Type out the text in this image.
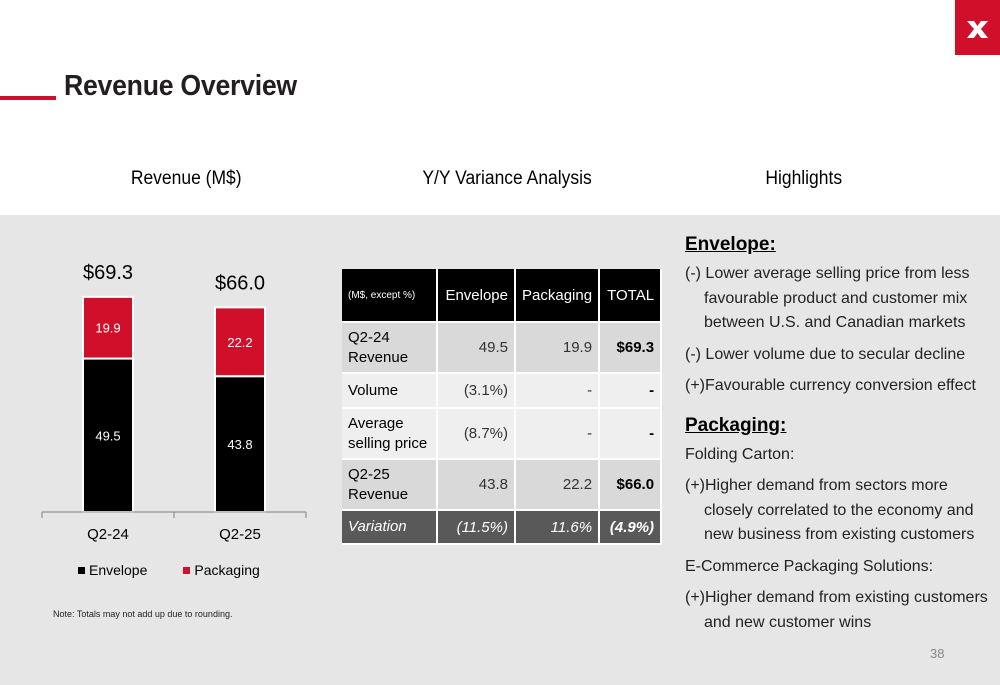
Revenue Overview
Revenue (M$)	Y/Y Variance Analysis	Highlights
49.5
19.9
$69.3
Q2-24
43.8
22.2
$66.0
Q2-25
Envelope	Packaging
Note: Totals may not add up due to rounding.
(M$, except %)	Envelope	Packaging	TOTAL
Q2-24 Revenue	49.5	19.9	$69.3
Volume	(3.1%)	-	-
Average selling price	(8.7%)	-	-
Q2-25 Revenue	43.8	22.2	$66.0
Variation	(11.5%)	11.6%	(4.9%)
Envelope:
(-) Lower average selling price from less favourable product and customer mix between U.S. and Canadian markets
(-) Lower volume due to secular decline
(+)Favourable currency conversion effect
Packaging:
Folding Carton:
(+)Higher demand from sectors more closely correlated to the economy and new business from existing customers
E-Commerce Packaging Solutions:
(+)Higher demand from existing customers and new customer wins
38
